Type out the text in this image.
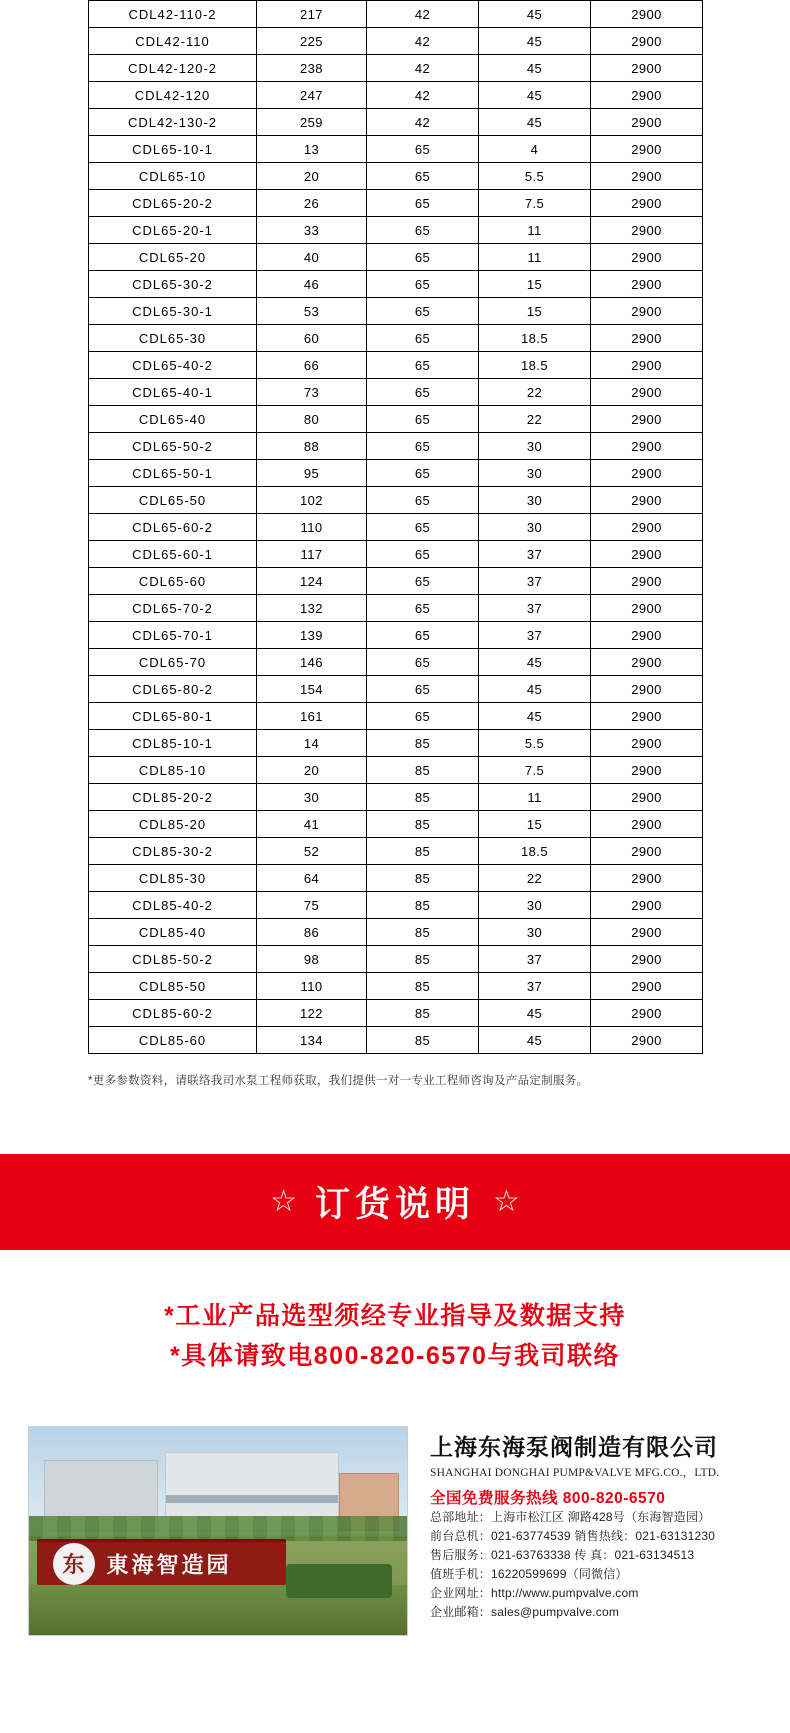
CDL42-110-2	217	42	45	2900
CDL42-110	225	42	45	2900
CDL42-120-2	238	42	45	2900
CDL42-120	247	42	45	2900
CDL42-130-2	259	42	45	2900
CDL65-10-1	13	65	4	2900
CDL65-10	20	65	5.5	2900
CDL65-20-2	26	65	7.5	2900
CDL65-20-1	33	65	11	2900
CDL65-20	40	65	11	2900
CDL65-30-2	46	65	15	2900
CDL65-30-1	53	65	15	2900
CDL65-30	60	65	18.5	2900
CDL65-40-2	66	65	18.5	2900
CDL65-40-1	73	65	22	2900
CDL65-40	80	65	22	2900
CDL65-50-2	88	65	30	2900
CDL65-50-1	95	65	30	2900
CDL65-50	102	65	30	2900
CDL65-60-2	110	65	30	2900
CDL65-60-1	117	65	37	2900
CDL65-60	124	65	37	2900
CDL65-70-2	132	65	37	2900
CDL65-70-1	139	65	37	2900
CDL65-70	146	65	45	2900
CDL65-80-2	154	65	45	2900
CDL65-80-1	161	65	45	2900
CDL85-10-1	14	85	5.5	2900
CDL85-10	20	85	7.5	2900
CDL85-20-2	30	85	11	2900
CDL85-20	41	85	15	2900
CDL85-30-2	52	85	18.5	2900
CDL85-30	64	85	22	2900
CDL85-40-2	75	85	30	2900
CDL85-40	86	85	30	2900
CDL85-50-2	98	85	37	2900
CDL85-50	110	85	37	2900
CDL85-60-2	122	85	45	2900
CDL85-60	134	85	45	2900
*更多参数资料，请联络我司水泵工程师获取，我们提供一对一专业工程师咨询及产品定制服务。
☆ 订货说明 ☆
*工业产品选型须经专业指导及数据支持
*具体请致电800-820-6570与我司联络
东	東海智造园
上海东海泵阀制造有限公司
SHANGHAI DONGHAI PUMP&VALVE MFG.CO.，LTD.
全国免费服务热线 800-820-6570
总部地址：上海市松江区 泖路428号（东海智造园）
前台总机：021-63774539 销售热线：021-63131230
售后服务：021-63763338 传 真：021-63134513
值班手机：16220599699（同微信）
企业网址：http://www.pumpvalve.com
企业邮箱：sales@pumpvalve.com
